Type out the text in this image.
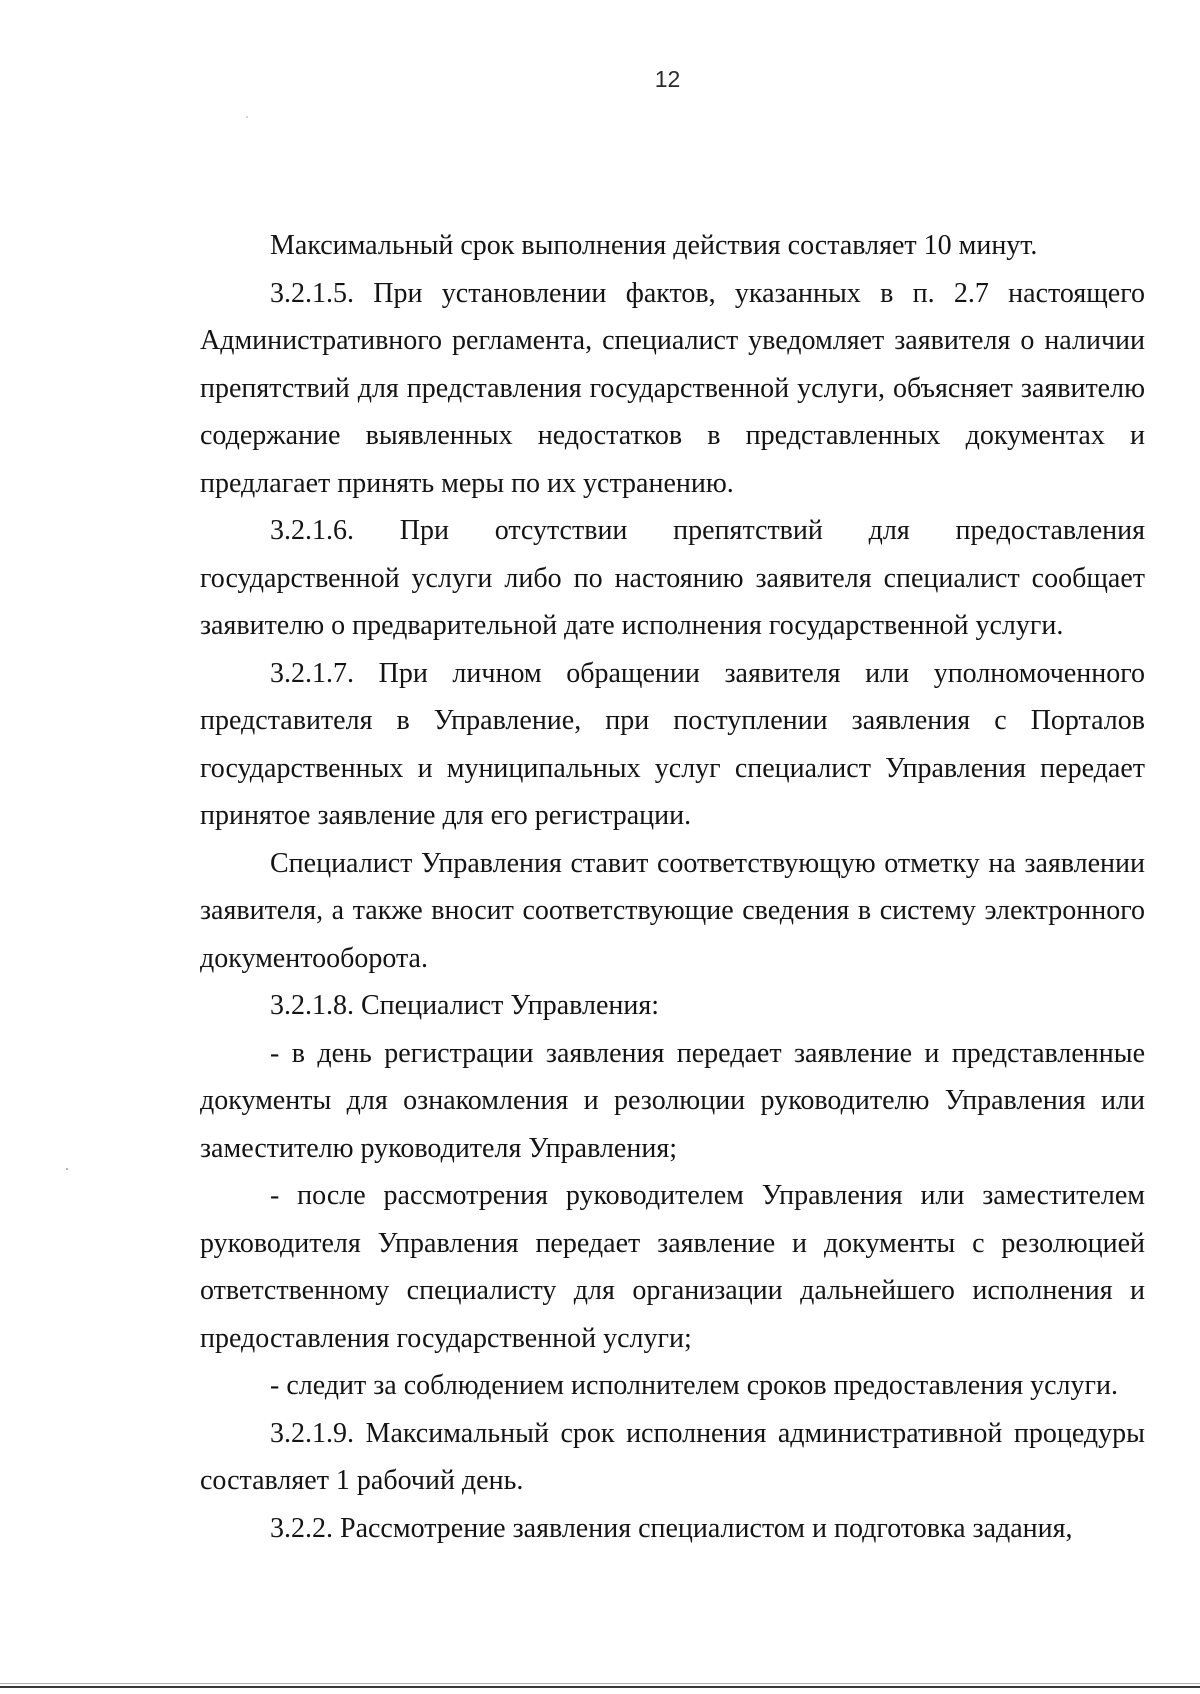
12

Максимальный срок выполнения действия составляет 10 минут.

3.2.1.5. При установлении фактов, указанных в п. 2.7 настоящего Административного регламента, специалист уведомляет заявителя о наличии препятствий для представления государственной услуги, объясняет заявителю содержание выявленных недостатков в представленных документах и предлагает принять меры по их устранению.

3.2.1.6. При отсутствии препятствий для предоставления государственной услуги либо по настоянию заявителя специалист сообщает заявителю о предварительной дате исполнения государственной услуги.

3.2.1.7. При личном обращении заявителя или уполномоченного представителя в Управление, при поступлении заявления с Порталов государственных и муниципальных услуг специалист Управления передает принятое заявление для его регистрации.

Специалист Управления ставит соответствующую отметку на заявлении заявителя, а также вносит соответствующие сведения в систему электронного документооборота.

3.2.1.8. Специалист Управления:

- в день регистрации заявления передает заявление и представленные документы для ознакомления и резолюции руководителю Управления или заместителю руководителя Управления;

- после рассмотрения руководителем Управления или заместителем руководителя Управления передает заявление и документы с резолюцией ответственному специалисту для организации дальнейшего исполнения и предоставления государственной услуги;

- следит за соблюдением исполнителем сроков предоставления услуги.

3.2.1.9. Максимальный срок исполнения административной процедуры составляет 1 рабочий день.

3.2.2. Рассмотрение заявления специалистом и подготовка задания,
